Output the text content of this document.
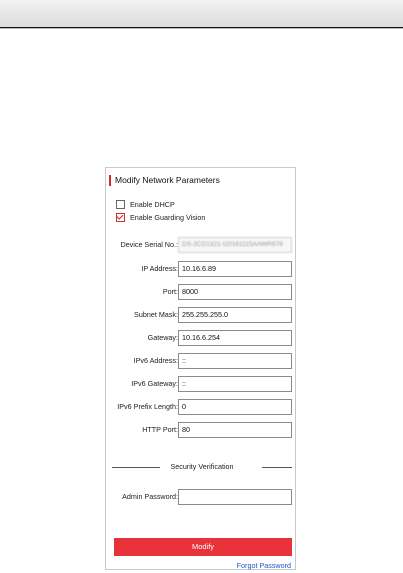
Modify Network Parameters
Enable DHCP
Enable Guarding Vision
Device Serial No.: DS-2CD1321-I20161115AAWR678
IP Address: 10.16.6.89
Port: 8000
Subnet Mask: 255.255.255.0
Gateway: 10.16.6.254
IPv6 Address: ::
IPv6 Gateway: ::
IPv6 Prefix Length: 0
HTTP Port: 80
Security Verification
Admin Password:
Modify
Forgot Password
